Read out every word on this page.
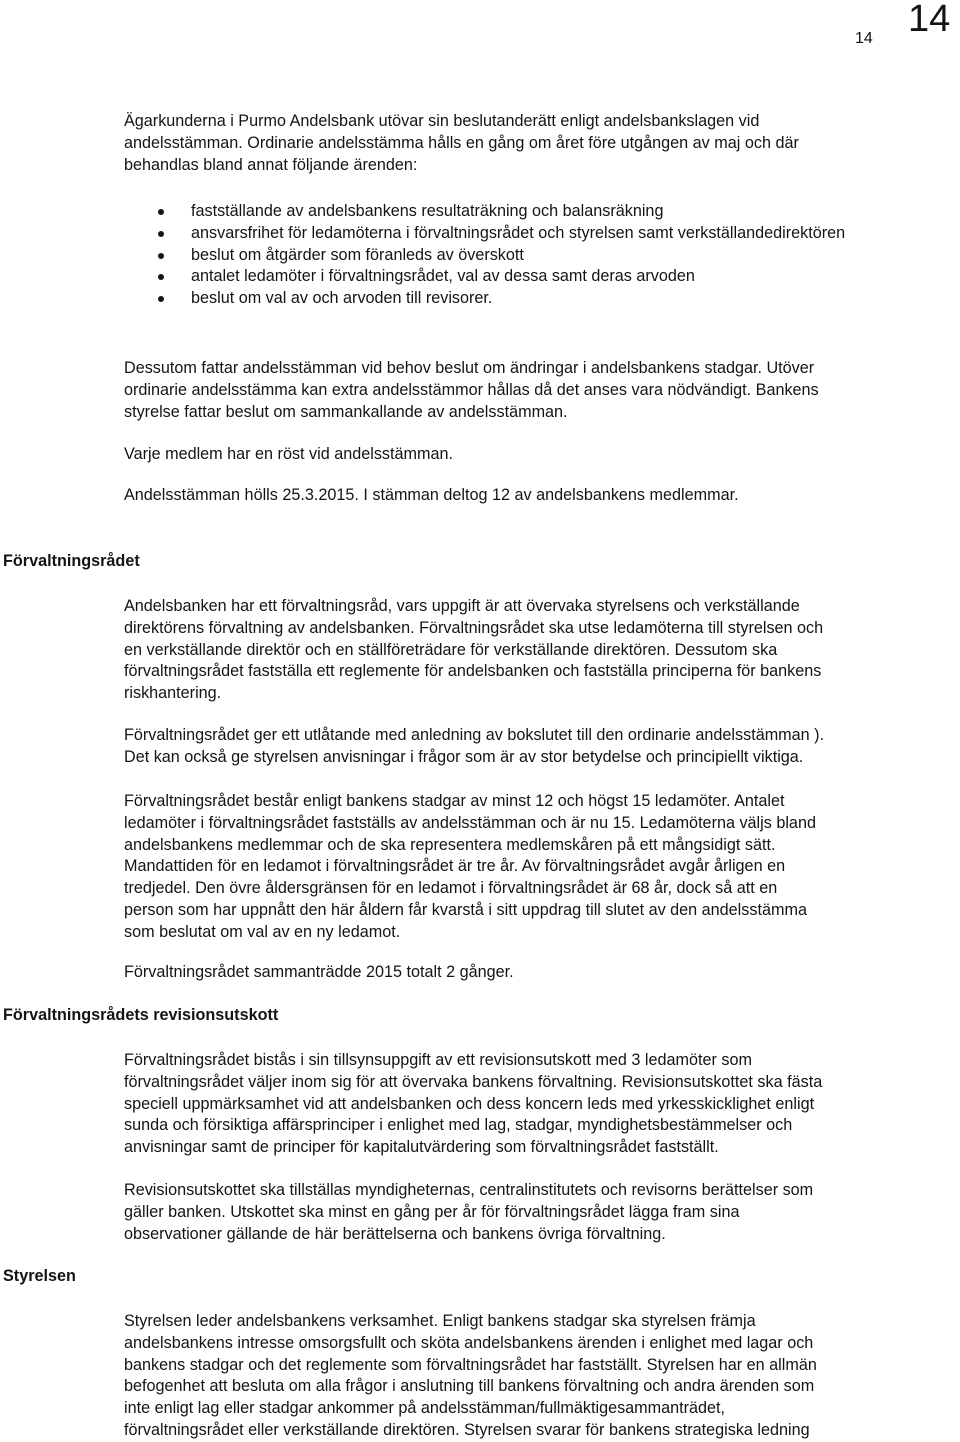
14 14
Ägarkunderna i Purmo Andelsbank utövar sin beslutanderätt enligt andelsbankslagen vid
andelsstämman. Ordinarie andelsstämma hålls en gång om året före utgången av maj och där
behandlas bland annat följande ärenden:
fastställande av andelsbankens resultaträkning och balansräkning
ansvarsfrihet för ledamöterna i förvaltningsrådet och styrelsen samt verkställandedirektören
beslut om åtgärder som föranleds av överskott
antalet ledamöter i förvaltningsrådet, val av dessa samt deras arvoden
beslut om val av och arvoden till revisorer.
Dessutom fattar andelsstämman vid behov beslut om ändringar i andelsbankens stadgar. Utöver
ordinarie andelsstämma kan extra andelsstämmor hållas då det anses vara nödvändigt. Bankens
styrelse fattar beslut om sammankallande av andelsstämman.
Varje medlem har en röst vid andelsstämman.
Andelsstämman hölls 25.3.2015. I stämman deltog 12 av andelsbankens medlemmar.
Förvaltningsrådet
Andelsbanken har ett förvaltningsråd, vars uppgift är att övervaka styrelsens och verkställande
direktörens förvaltning av andelsbanken. Förvaltningsrådet ska utse ledamöterna till styrelsen och
en verkställande direktör och en ställföreträdare för verkställande direktören. Dessutom ska
förvaltningsrådet fastställa ett reglemente för andelsbanken och fastställa principerna för bankens
riskhantering.
Förvaltningsrådet ger ett utlåtande med anledning av bokslutet till den ordinarie andelsstämman ).
Det kan också ge styrelsen anvisningar i frågor som är av stor betydelse och principiellt viktiga.
Förvaltningsrådet består enligt bankens stadgar av minst 12 och högst 15 ledamöter. Antalet
ledamöter i förvaltningsrådet fastställs av andelsstämman och är nu 15. Ledamöterna väljs bland
andelsbankens medlemmar och de ska representera medlemskåren på ett mångsidigt sätt.
Mandattiden för en ledamot i förvaltningsrådet är tre år. Av förvaltningsrådet avgår årligen en
tredjedel. Den övre åldersgränsen för en ledamot i förvaltningsrådet är 68 år, dock så att en
person som har uppnått den här åldern får kvarstå i sitt uppdrag till slutet av den andelsstämma
som beslutat om val av en ny ledamot.
Förvaltningsrådet sammanträdde 2015 totalt 2 gånger.
Förvaltningsrådets revisionsutskott
Förvaltningsrådet bistås i sin tillsynsuppgift av ett revisionsutskott med 3 ledamöter som
förvaltningsrådet väljer inom sig för att övervaka bankens förvaltning. Revisionsutskottet ska fästa
speciell uppmärksamhet vid att andelsbanken och dess koncern leds med yrkesskicklighet enligt
sunda och försiktiga affärsprinciper i enlighet med lag, stadgar, myndighetsbestämmelser och
anvisningar samt de principer för kapitalutvärdering som förvaltningsrådet fastställt.
Revisionsutskottet ska tillställas myndigheternas, centralinstitutets och revisorns berättelser som
gäller banken. Utskottet ska minst en gång per år för förvaltningsrådet lägga fram sina
observationer gällande de här berättelserna och bankens övriga förvaltning.
Styrelsen
Styrelsen leder andelsbankens verksamhet. Enligt bankens stadgar ska styrelsen främja
andelsbankens intresse omsorgsfullt och sköta andelsbankens ärenden i enlighet med lagar och
bankens stadgar och det reglemente som förvaltningsrådet har fastställt. Styrelsen har en allmän
befogenhet att besluta om alla frågor i anslutning till bankens förvaltning och andra ärenden som
inte enligt lag eller stadgar ankommer på andelsstämman/fullmäktigesammanträdet,
förvaltningsrådet eller verkställande direktören. Styrelsen svarar för bankens strategiska ledning
